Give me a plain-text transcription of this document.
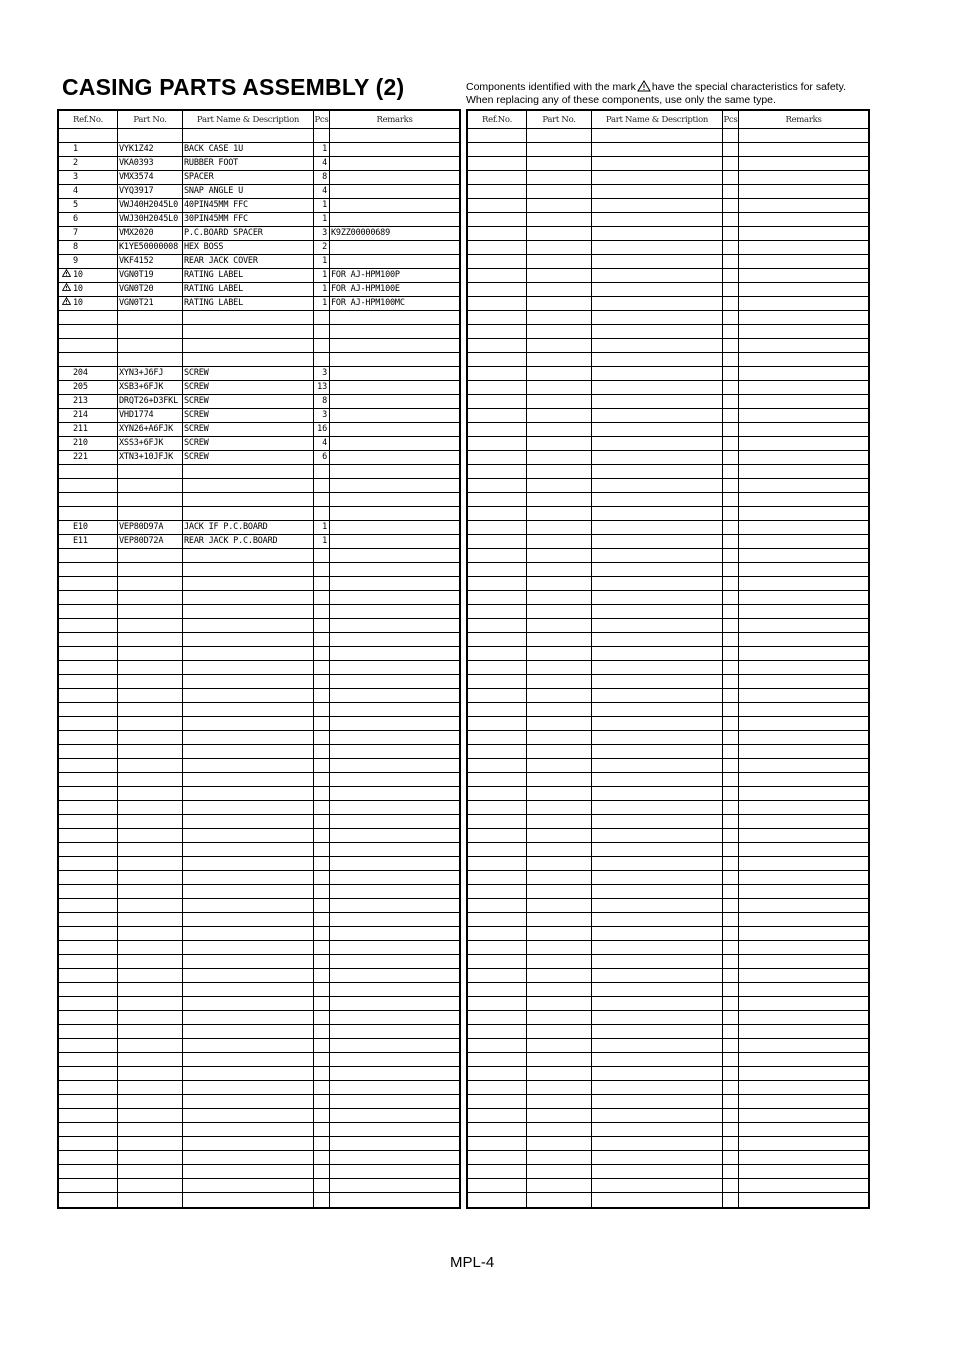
CASING PARTS ASSEMBLY (2)	Components identified with the mark have the special characteristics for safety.
When replacing any of these components, use only the same type.
Ref.No.	Part No.	Part Name & Description	Pcs	Remarks
1	VYK1Z42	BACK CASE 1U	1
2	VKA0393	RUBBER FOOT	4
3	VMX3574	SPACER	8
4	VYQ3917	SNAP ANGLE U	4
5	VWJ40H2045L0 40PIN45MM FFC	1
6	VWJ30H2045L0 30PIN45MM FFC	1
7	VMX2020	P.C.BOARD SPACER	3 K9ZZ00000689
8	K1YE50000008 HEX BOSS	2
9	VKF4152	REAR JACK COVER	1
10	VGN0T19	RATING LABEL	1 FOR AJ-HPM100P
10	VGN0T20	RATING LABEL	1 FOR AJ-HPM100E
10	VGN0T21	RATING LABEL	1 FOR AJ-HPM100MC
204	XYN3+J6FJ	SCREW	3
205	XSB3+6FJK	SCREW	13
213	DRQT26+D3FKL SCREW	8
214	VHD1774	SCREW	3
211	XYN26+A6FJK	SCREW	16
210	XSS3+6FJK	SCREW	4
221	XTN3+10JFJK	SCREW	6
E10	VEP80D97A	JACK IF P.C.BOARD	1
E11	VEP80D72A	REAR JACK P.C.BOARD	1
Ref.No.	Part No.	Part Name & Description	Pcs	Remarks
MPL-4
